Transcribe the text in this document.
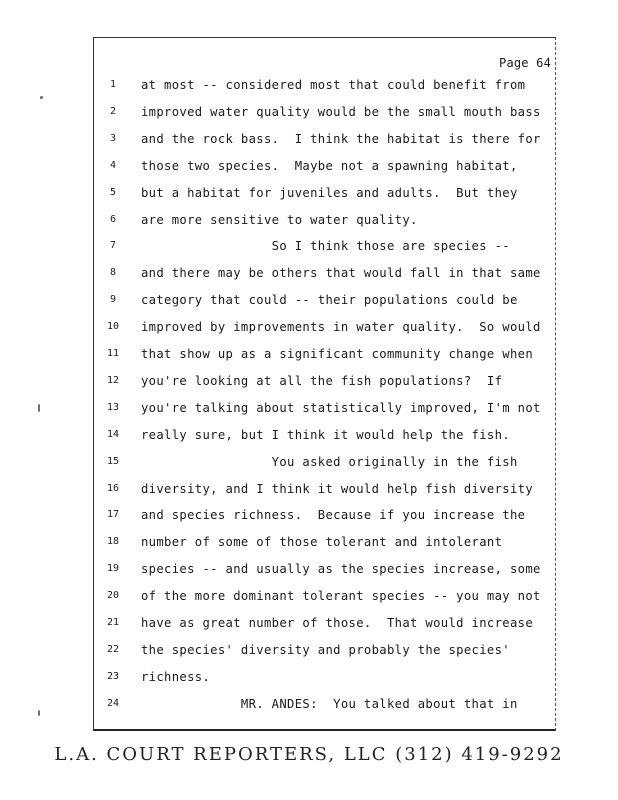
Page 64
1	at most -- considered most that could benefit from
2	improved water quality would be the small mouth bass
3	and the rock bass.  I think the habitat is there for
4	those two species.  Maybe not a spawning habitat,
5	but a habitat for juveniles and adults.  But they
6	are more sensitive to water quality.
7	So I think those are species --
8	and there may be others that would fall in that same
9	category that could -- their populations could be
10	improved by improvements in water quality.  So would
11	that show up as a significant community change when
12	you're looking at all the fish populations?  If
13	you're talking about statistically improved, I'm not
14	really sure, but I think it would help the fish.
15	You asked originally in the fish
16	diversity, and I think it would help fish diversity
17	and species richness.  Because if you increase the
18	number of some of those tolerant and intolerant
19	species -- and usually as the species increase, some
20	of the more dominant tolerant species -- you may not
21	have as great number of those.  That would increase
22	the species' diversity and probably the species'
23	richness.
24	MR. ANDES:  You talked about that in
L.A. COURT REPORTERS, LLC (312) 419-9292
